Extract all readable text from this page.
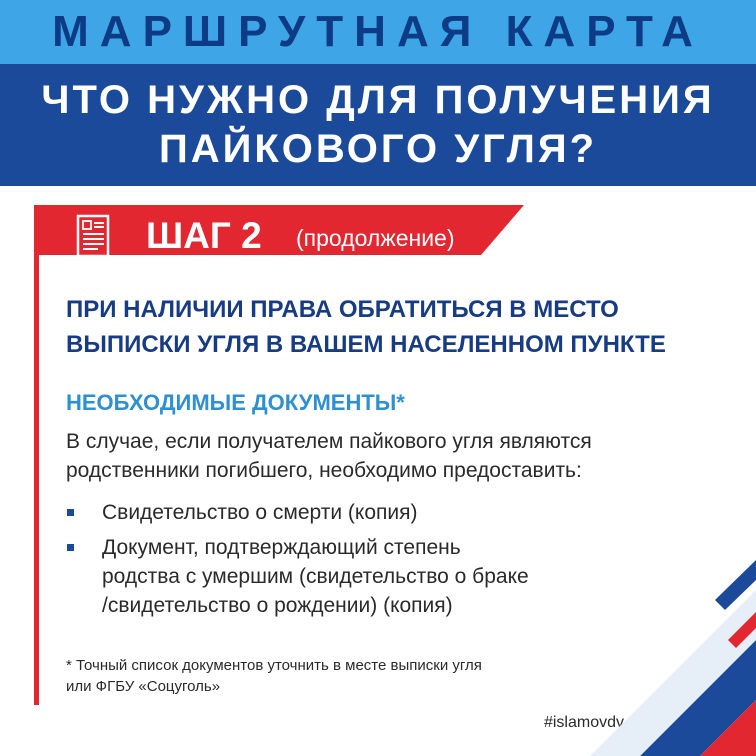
МАРШРУТНАЯ КАРТА
ЧТО НУЖНО ДЛЯ ПОЛУЧЕНИЯ
ПАЙКОВОГО УГЛЯ?
ШАГ 2 (продолжение)
ПРИ НАЛИЧИИ ПРАВА ОБРАТИТЬСЯ В МЕСТО
ВЫПИСКИ УГЛЯ В ВАШЕМ НАСЕЛЕННОМ ПУНКТЕ
НЕОБХОДИМЫЕ ДОКУМЕНТЫ*
В случае, если получателем пайкового угля являются
родственники погибшего, необходимо предоставить:
Свидетельство о смерти (копия)
Документ, подтверждающий степень
родства с умершим (свидетельство о браке
/свидетельство о рождении) (копия)
* Точный список документов уточнить в месте выписки угля
или ФГБУ «Соцуголь»
#islamovdv
